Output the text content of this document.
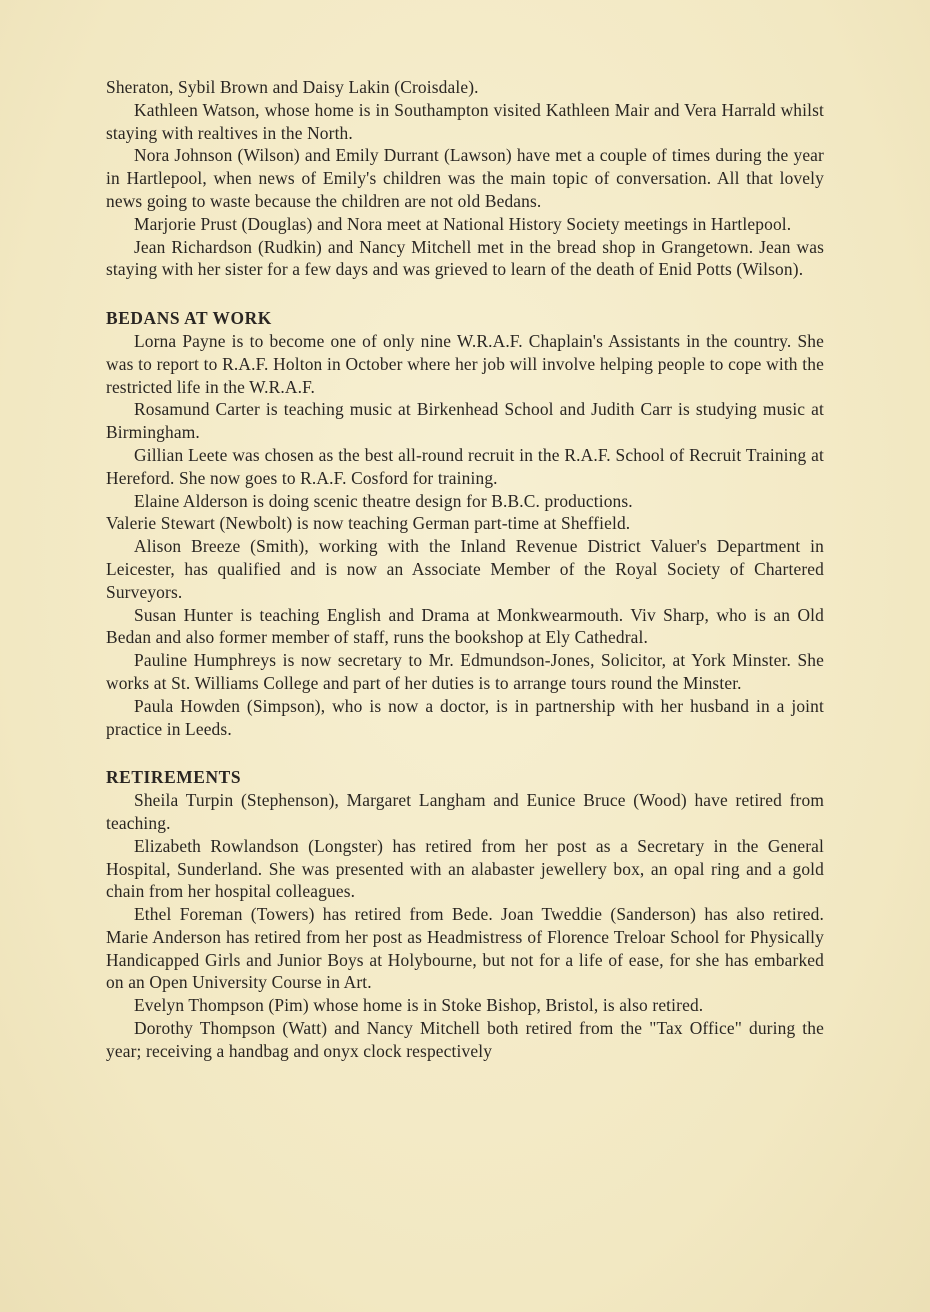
Sheraton, Sybil Brown and Daisy Lakin (Croisdale).

Kathleen Watson, whose home is in Southampton visited Kathleen Mair and Vera Harrald whilst staying with realtives in the North.

Nora Johnson (Wilson) and Emily Durrant (Lawson) have met a couple of times during the year in Hartlepool, when news of Emily's children was the main topic of conversation. All that lovely news going to waste because the children are not old Bedans.

Marjorie Prust (Douglas) and Nora meet at National History Society meetings in Hartlepool.

Jean Richardson (Rudkin) and Nancy Mitchell met in the bread shop in Grangetown. Jean was staying with her sister for a few days and was grieved to learn of the death of Enid Potts (Wilson).

BEDANS AT WORK

Lorna Payne is to become one of only nine W.R.A.F. Chaplain's Assistants in the country. She was to report to R.A.F. Holton in October where her job will involve helping people to cope with the restricted life in the W.R.A.F.

Rosamund Carter is teaching music at Birkenhead School and Judith Carr is studying music at Birmingham.

Gillian Leete was chosen as the best all-round recruit in the R.A.F. School of Recruit Training at Hereford. She now goes to R.A.F. Cosford for training.

Elaine Alderson is doing scenic theatre design for B.B.C. productions.

Valerie Stewart (Newbolt) is now teaching German part-time at Sheffield.

Alison Breeze (Smith), working with the Inland Revenue District Valuer's Department in Leicester, has qualified and is now an Associate Member of the Royal Society of Chartered Surveyors.

Susan Hunter is teaching English and Drama at Monkwearmouth. Viv Sharp, who is an Old Bedan and also former member of staff, runs the bookshop at Ely Cathedral.

Pauline Humphreys is now secretary to Mr. Edmundson-Jones, Solicitor, at York Minster. She works at St. Williams College and part of her duties is to arrange tours round the Minster.

Paula Howden (Simpson), who is now a doctor, is in partnership with her husband in a joint practice in Leeds.

RETIREMENTS

Sheila Turpin (Stephenson), Margaret Langham and Eunice Bruce (Wood) have retired from teaching.

Elizabeth Rowlandson (Longster) has retired from her post as a Secretary in the General Hospital, Sunderland. She was presented with an alabaster jewellery box, an opal ring and a gold chain from her hospital colleagues.

Ethel Foreman (Towers) has retired from Bede. Joan Tweddie (Sanderson) has also retired. Marie Anderson has retired from her post as Headmistress of Florence Treloar School for Physically Handicapped Girls and Junior Boys at Holybourne, but not for a life of ease, for she has embarked on an Open University Course in Art.

Evelyn Thompson (Pim) whose home is in Stoke Bishop, Bristol, is also retired.

Dorothy Thompson (Watt) and Nancy Mitchell both retired from the "Tax Office" during the year; receiving a handbag and onyx clock respectively
